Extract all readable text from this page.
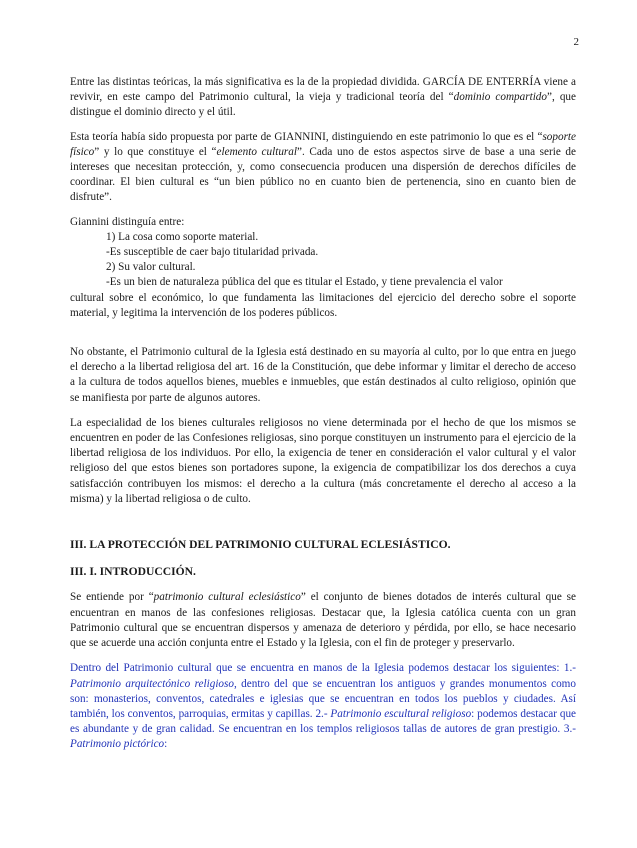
2

Entre las distintas teóricas, la más significativa es la de la propiedad dividida. GARCÍA DE ENTERRÍA viene a revivir, en este campo del Patrimonio cultural, la vieja y tradicional teoría del “dominio compartido”, que distingue el dominio directo y el útil.

Esta teoría había sido propuesta por parte de GIANNINI, distinguiendo en este patrimonio lo que es el “soporte físico” y lo que constituye el “elemento cultural”. Cada uno de estos aspectos sirve de base a una serie de intereses que necesitan protección, y, como consecuencia producen una dispersión de derechos difíciles de coordinar. El bien cultural es “un bien público no en cuanto bien de pertenencia, sino en cuanto bien de disfrute”.

Giannini distinguía entre:

1) La cosa como soporte material.

-Es susceptible de caer bajo titularidad privada.

2) Su valor cultural.

-Es un bien de naturaleza pública del que es titular el Estado, y tiene prevalencia el valor

cultural sobre el económico, lo que fundamenta las limitaciones del ejercicio del derecho sobre el soporte material, y legitima la intervención de los poderes públicos.

No obstante, el Patrimonio cultural de la Iglesia está destinado en su mayoría al culto, por lo que entra en juego el derecho a la libertad religiosa del art. 16 de la Constitución, que debe informar y limitar el derecho de acceso a la cultura de todos aquellos bienes, muebles e inmuebles, que están destinados al culto religioso, opinión que se manifiesta por parte de algunos autores.

La especialidad de los bienes culturales religiosos no viene determinada por el hecho de que los mismos se encuentren en poder de las Confesiones religiosas, sino porque constituyen un instrumento para el ejercicio de la libertad religiosa de los individuos. Por ello, la exigencia de tener en consideración el valor cultural y el valor religioso del que estos bienes son portadores supone, la exigencia de compatibilizar los dos derechos a cuya satisfacción contribuyen los mismos: el derecho a la cultura (más concretamente el derecho al acceso a la misma) y la libertad religiosa o de culto.

III. LA PROTECCIÓN DEL PATRIMONIO CULTURAL ECLESIÁSTICO.
III. I. INTRODUCCIÓN.

Se entiende por “patrimonio cultural eclesiástico” el conjunto de bienes dotados de interés cultural que se encuentran en manos de las confesiones religiosas. Destacar que, la Iglesia católica cuenta con un gran Patrimonio cultural que se encuentran dispersos y amenaza de deterioro y pérdida, por ello, se hace necesario que se acuerde una acción conjunta entre el Estado y la Iglesia, con el fin de proteger y preservarlo.

Dentro del Patrimonio cultural que se encuentra en manos de la Iglesia podemos destacar los siguientes: 1.- Patrimonio arquitectónico religioso, dentro del que se encuentran los antiguos y grandes monumentos como son: monasterios, conventos, catedrales e iglesias que se encuentran en todos los pueblos y ciudades. Así también, los conventos, parroquias, ermitas y capillas. 2.- Patrimonio escultural religioso: podemos destacar que es abundante y de gran calidad. Se encuentran en los templos religiosos tallas de autores de gran prestigio. 3.- Patrimonio pictórico:
